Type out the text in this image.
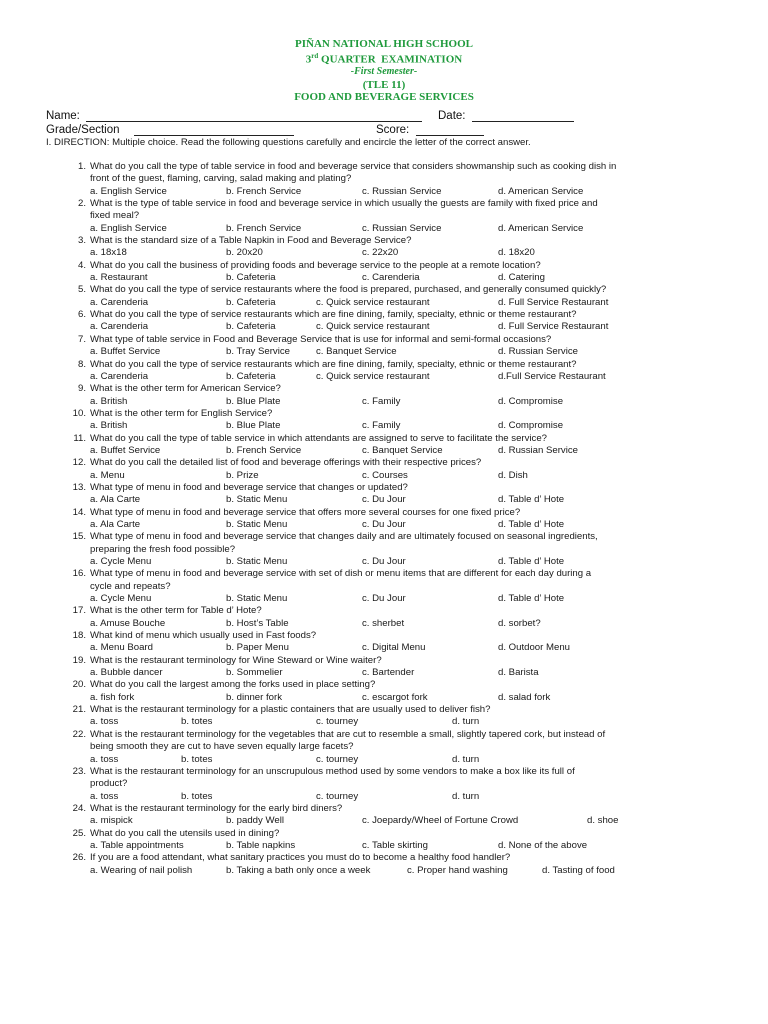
PIÑAN NATIONAL HIGH SCHOOL
3rd QUARTER  EXAMINATION
-First Semester-
(TLE 11)
FOOD AND BEVERAGE SERVICES
Name:	Date:
Grade/Section	Score:
I. DIRECTION: Multiple choice. Read the following questions carefully and encircle the letter of the correct answer.
1. What do you call the type of table service in food and beverage service that considers showmanship such as cooking dish in
front of the guest, flaming, carving, salad making and plating?
a. English Service	b. French Service	c. Russian Service	d. American Service
2. What is the type of table service in food and beverage service in which usually the guests are family with fixed price and
fixed meal?
a. English Service	b. French Service	c. Russian Service	d. American Service
3. What is the standard size of a Table Napkin in Food and Beverage Service?
a. 18x18	b. 20x20	c. 22x20	d. 18x20
4. What do you call the business of providing foods and beverage service to the people at a remote location?
a. Restaurant	b. Cafeteria	c. Carenderia	d. Catering
5. What do you call the type of service restaurants where the food is prepared, purchased, and generally consumed quickly?
a. Carenderia	b. Cafeteria	c. Quick service restaurant	d. Full Service Restaurant
6. What do you call the type of service restaurants which are fine dining, family, specialty, ethnic or theme restaurant?
a. Carenderia	b. Cafeteria	c. Quick service restaurant	d. Full Service Restaurant
7. What type of table service in Food and Beverage Service that is use for informal and semi-formal occasions?
a. Buffet Service	b. Tray Service	c. Banquet Service	d. Russian Service
8. What do you call the type of service restaurants which are fine dining, family, specialty, ethnic or theme restaurant?
a. Carenderia	b. Cafeteria	c. Quick service restaurant	d.Full Service Restaurant
9. What is the other term for American Service?
a. British	b. Blue Plate	c. Family	d. Compromise
10. What is the other term for English Service?
a. British	b. Blue Plate	c. Family	d. Compromise
11. What do you call the type of table service in which attendants are assigned to serve to facilitate the service?
a. Buffet Service	b. French Service	c. Banquet Service	d. Russian Service
12. What do you call the detailed list of food and beverage offerings with their respective prices?
a. Menu	b. Prize	c. Courses	d. Dish
13. What type of menu in food and beverage service that changes or updated?
a. Ala Carte	b. Static Menu	c. Du Jour	d. Table d’ Hote
14. What type of menu in food and beverage service that offers more several courses for one fixed price?
a. Ala Carte	b. Static Menu	c. Du Jour	d. Table d’ Hote
15. What type of menu in food and beverage service that changes daily and are ultimately focused on seasonal ingredients,
preparing the fresh food possible?
a. Cycle Menu	b. Static Menu	c. Du Jour	d. Table d’ Hote
16. What type of menu in food and beverage service with set of dish or menu items that are different for each day during a
cycle and repeats?
a. Cycle Menu	b. Static Menu	c. Du Jour	d. Table d’ Hote
17. What is the other term for Table d’ Hote?
a. Amuse Bouche	b. Host’s Table	c. sherbet	d. sorbet?
18. What kind of menu which usually used in Fast foods?
a. Menu Board	b. Paper Menu	c. Digital Menu	d. Outdoor Menu
19. What is the restaurant terminology for Wine Steward or Wine waiter?
a. Bubble dancer	b. Sommelier	c. Bartender	d. Barista
20. What do you call the largest among the forks used in place setting?
a. fish fork	b. dinner fork	c. escargot fork	d. salad fork
21. What is the restaurant terminology for a plastic containers that are usually used to deliver fish?
a. toss	b. totes	c. tourney	d. turn
22. What is the restaurant terminology for the vegetables that are cut to resemble a small, slightly tapered cork, but instead of
being smooth they are cut to have seven equally large facets?
a. toss	b. totes	c. tourney	d. turn
23. What is the restaurant terminology for an unscrupulous method used by some vendors to make a box like its full of
product?
a. toss	b. totes	c. tourney	d. turn
24. What is the restaurant terminology for the early bird diners?
a. mispick	b. paddy Well	c. Joepardy/Wheel of Fortune Crowd	d. shoe
25. What do you call the utensils used in dining?
a. Table appointments	b. Table napkins	c. Table skirting	d. None of the above
26. If you are a food attendant, what sanitary practices you must do to become a healthy food handler?
a. Wearing of nail polish	b. Taking a bath only once a week	c. Proper hand washing	d. Tasting of food
